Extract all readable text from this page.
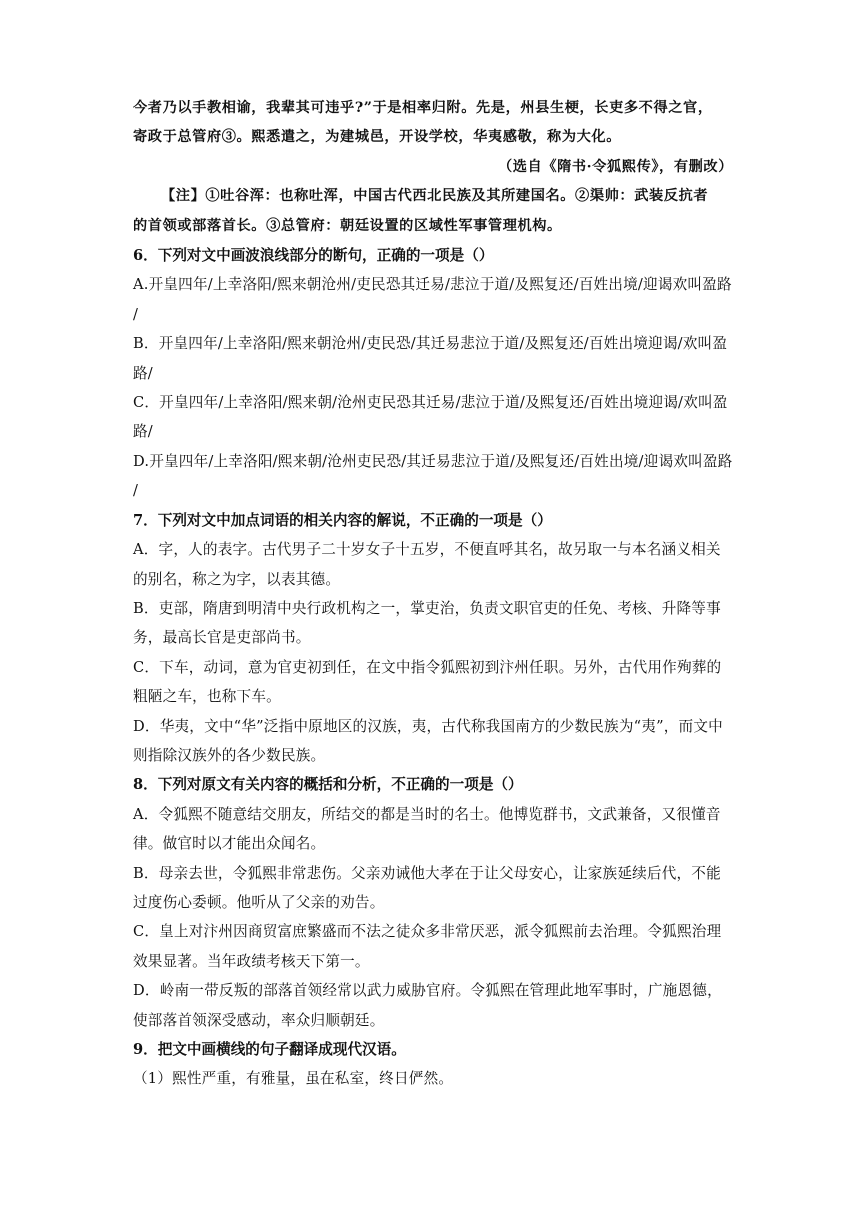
今者乃以手教相谕，我辈其可违乎?”于是相率归附。先是，州县生梗，长吏多不得之官，

寄政于总管府③。熙悉遣之，为建城邑，开设学校，华夷感敬，称为大化。

（选自《隋书·令狐熙传》，有删改）

【注】①吐谷浑：也称吐浑，中国古代西北民族及其所建国名。②渠帅：武装反抗者

的首领或部落首长。③总管府：朝廷设置的区域性军事管理机构。

6．下列对文中画波浪线部分的断句，正确的一项是（）

A.开皇四年/上幸洛阳/熙来朝沧州/吏民恐其迁易/悲泣于道/及熙复还/百姓出境/迎谒欢叫盈路

/

B．开皇四年/上幸洛阳/熙来朝沧州/吏民恐/其迁易悲泣于道/及熙复还/百姓出境迎谒/欢叫盈

路/

C．开皇四年/上幸洛阳/熙来朝/沧州吏民恐其迁易/悲泣于道/及熙复还/百姓出境迎谒/欢叫盈

路/

D.开皇四年/上幸洛阳/熙来朝/沧州吏民恐/其迁易悲泣于道/及熙复还/百姓出境/迎谒欢叫盈路

/

7．下列对文中加点词语的相关内容的解说，不正确的一项是（）

A．字，人的表字。古代男子二十岁女子十五岁，不便直呼其名，故另取一与本名涵义相关

的别名，称之为字，以表其德。

B．吏部，隋唐到明清中央行政机构之一，掌吏治，负责文职官吏的任免、考核、升降等事

务，最高长官是吏部尚书。

C．下车，动词，意为官吏初到任，在文中指令狐熙初到汴州任职。另外，古代用作殉葬的

粗陋之车，也称下车。

D．华夷，文中“华”泛指中原地区的汉族，夷，古代称我国南方的少数民族为“夷”，而文中

则指除汉族外的各少数民族。

8．下列对原文有关内容的概括和分析，不正确的一项是（）

A．令狐熙不随意结交朋友，所结交的都是当时的名士。他博览群书，文武兼备，又很懂音

律。做官时以才能出众闻名。

B．母亲去世，令狐熙非常悲伤。父亲劝诫他大孝在于让父母安心，让家族延续后代，不能

过度伤心委顿。他听从了父亲的劝告。

C．皇上对汴州因商贸富庶繁盛而不法之徒众多非常厌恶，派令狐熙前去治理。令狐熙治理

效果显著。当年政绩考核天下第一。

D．岭南一带反叛的部落首领经常以武力威胁官府。令狐熙在管理此地军事时，广施恩德，

使部落首领深受感动，率众归顺朝廷。

9．把文中画横线的句子翻译成现代汉语。

（1）熙性严重，有雅量，虽在私室，终日俨然。
